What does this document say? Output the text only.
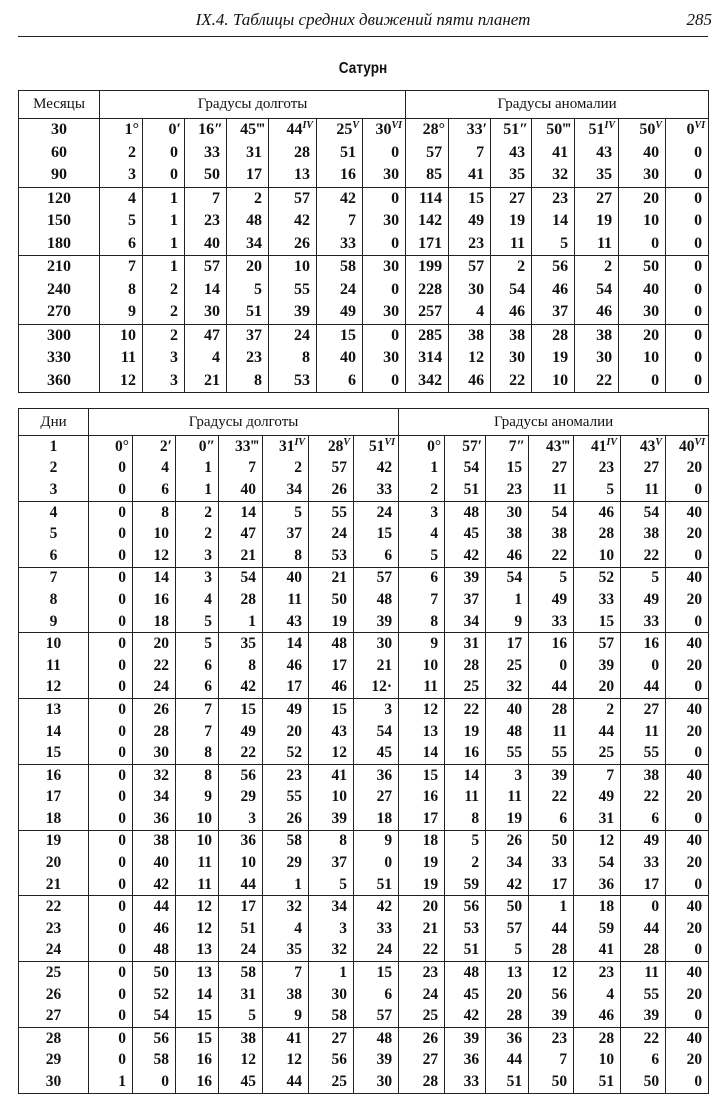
IX.4. Таблицы средних движений пяти планет	285
Сатурн
Месяцы	Градусы долготы							Градусы аномалии						
30	1°	0′	16″	45‴	$44^{IV}$	$25^V$	$30^{VI}$	28°	33′	51″	50‴	$51^{IV}$	$50^V$	$0^{VI}$
60	2	0	33	31	28	51	0	57	7	43	41	43	40	0
90	3	0	50	17	13	16	30	85	41	35	32	35	30	0
120	4	1	7	2	57	42	0	114	15	27	23	27	20	0
150	5	1	23	48	42	7	30	142	49	19	14	19	10	0
180	6	1	40	34	26	33	0	171	23	11	5	11	0	0
210	7	1	57	20	10	58	30	199	57	2	56	2	50	0
240	8	2	14	5	55	24	0	228	30	54	46	54	40	0
270	9	2	30	51	39	49	30	257	4	46	37	46	30	0
300	10	2	47	37	24	15	0	285	38	38	28	38	20	0
330	11	3	4	23	8	40	30	314	12	30	19	30	10	0
360	12	3	21	8	53	6	0	342	46	22	10	22	0	0
Дни	Градусы долготы							Градусы аномалии						
1	0°	2′	0″	33‴	$31^{IV}$	$28^V$	$51^{VI}$	0°	57′	7″	43‴	$41^{IV}$	$43^V$	$40^{VI}$
2	0	4	1	7	2	57	42	1	54	15	27	23	27	20
3	0	6	1	40	34	26	33	2	51	23	11	5	11	0
4	0	8	2	14	5	55	24	3	48	30	54	46	54	40
5	0	10	2	47	37	24	15	4	45	38	38	28	38	20
6	0	12	3	21	8	53	6	5	42	46	22	10	22	0
7	0	14	3	54	40	21	57	6	39	54	5	52	5	40
8	0	16	4	28	11	50	48	7	37	1	49	33	49	20
9	0	18	5	1	43	19	39	8	34	9	33	15	33	0
10	0	20	5	35	14	48	30	9	31	17	16	57	16	40
11	0	22	6	8	46	17	21	10	28	25	0	39	0	20
12	0	24	6	42	17	46	12·	11	25	32	44	20	44	0
13	0	26	7	15	49	15	3	12	22	40	28	2	27	40
14	0	28	7	49	20	43	54	13	19	48	11	44	11	20
15	0	30	8	22	52	12	45	14	16	55	55	25	55	0
16	0	32	8	56	23	41	36	15	14	3	39	7	38	40
17	0	34	9	29	55	10	27	16	11	11	22	49	22	20
18	0	36	10	3	26	39	18	17	8	19	6	31	6	0
19	0	38	10	36	58	8	9	18	5	26	50	12	49	40
20	0	40	11	10	29	37	0	19	2	34	33	54	33	20
21	0	42	11	44	1	5	51	19	59	42	17	36	17	0
22	0	44	12	17	32	34	42	20	56	50	1	18	0	40
23	0	46	12	51	4	3	33	21	53	57	44	59	44	20
24	0	48	13	24	35	32	24	22	51	5	28	41	28	0
25	0	50	13	58	7	1	15	23	48	13	12	23	11	40
26	0	52	14	31	38	30	6	24	45	20	56	4	55	20
27	0	54	15	5	9	58	57	25	42	28	39	46	39	0
28	0	56	15	38	41	27	48	26	39	36	23	28	22	40
29	0	58	16	12	12	56	39	27	36	44	7	10	6	20
30	1	0	16	45	44	25	30	28	33	51	50	51	50	0
